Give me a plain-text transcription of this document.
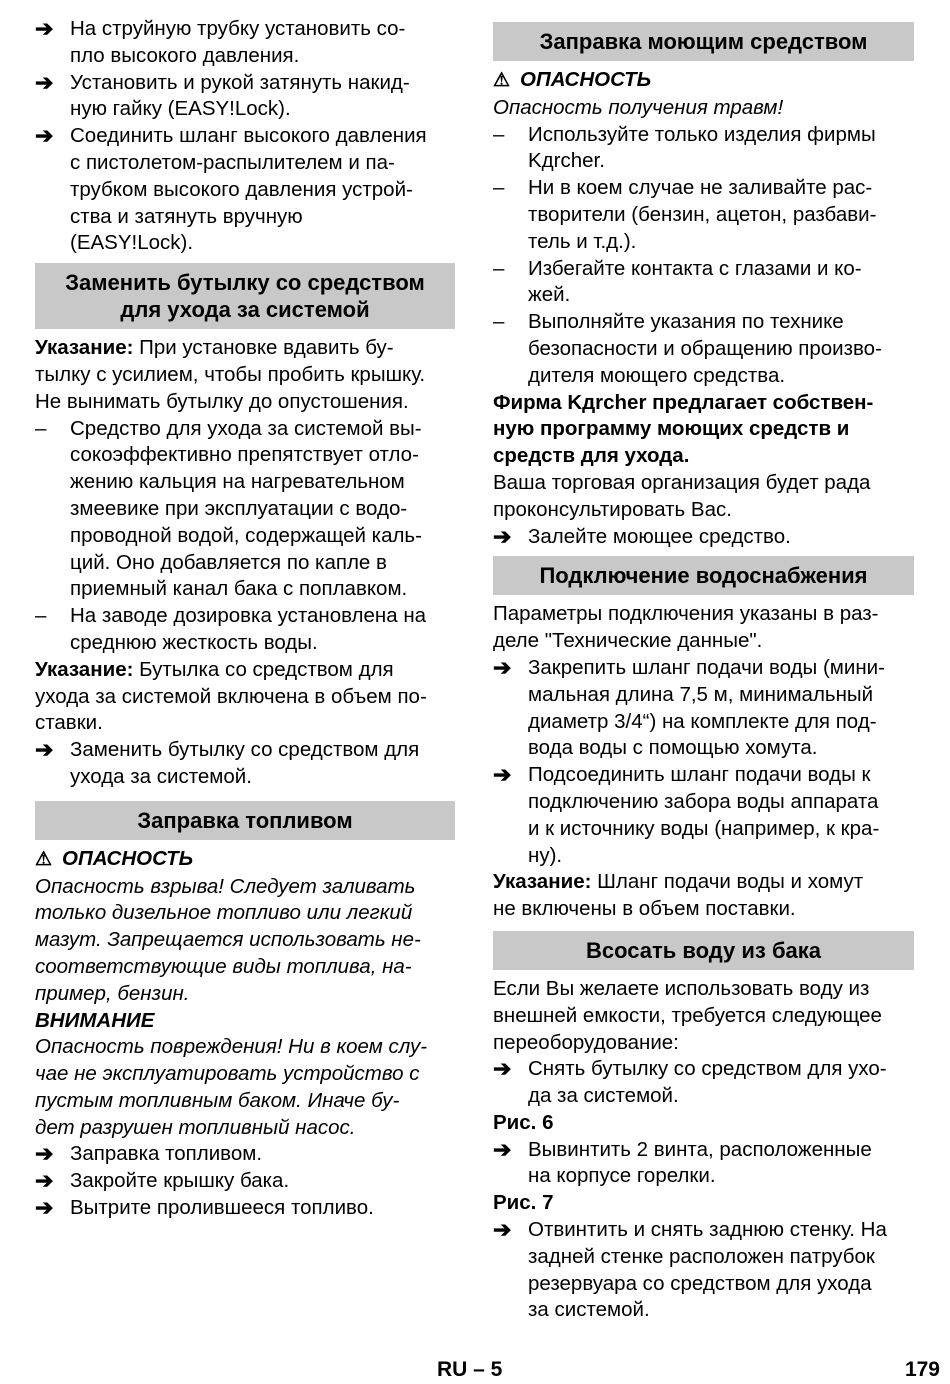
➔ На струйную трубку установить со-
пло высокого давления.

➔ Установить и рукой затянуть накид-
ную гайку (EASY!Lock).

➔ Соединить шланг высокого давления
с пистолетом-распылителем и па-
трубком высокого давления устрой-
ства и затянуть вручную
(EASY!Lock).

Заменить бутылку со средством
для ухода за системой

Указание: При установке вдавить бу-
тылку с усилием, чтобы пробить крышку.
Не вынимать бутылку до опустошения.

–	Средство для ухода за системой вы-
сокоэффективно препятствует отло-
жению кальция на нагревательном
змеевике при эксплуатации с водо-
проводной водой, содержащей каль-
ций. Оно добавляется по капле в
приемный канал бака с поплавком.

–	На заводе дозировка установлена на
среднюю жесткость воды.

Указание: Бутылка со средством для
ухода за системой включена в объем по-
ставки.

➔ Заменить бутылку со средством для
ухода за системой.

Заправка топливом

⚠ ОПАСНОСТЬ

Опасность взрыва! Следует заливать
только дизельное топливо или легкий
мазут. Запрещается использовать не-
соответствующие виды топлива, на-
пример, бензин.

ВНИМАНИЕ

Опасность повреждения! Ни в коем слу-
чае не эксплуатировать устройство с
пустым топливным баком. Иначе бу-
дет разрушен топливный насос.

➔ Заправка топливом.

➔ Закройте крышку бака.

➔ Вытрите пролившееся топливо.

Заправка моющим средством

⚠ ОПАСНОСТЬ

Опасность получения травм!

–	Используйте только изделия фирмы
Kдrcher.

–	Ни в коем случае не заливайте рас-
творители (бензин, ацетон, разбави-
тель и т.д.).

–	Избегайте контакта с глазами и ко-
жей.

–	Выполняйте указания по технике
безопасности и обращению произво-
дителя моющего средства.

Фирма Kдrcher предлагает собствен-
ную программу моющих средств и
средств для ухода.

Ваша торговая организация будет рада
проконсультировать Вас.

➔ Залейте моющее средство.

Подключение водоснабжения

Параметры подключения указаны в раз-
деле "Технические данные".

➔ Закрепить шланг подачи воды (мини-
мальная длина 7,5 м, минимальный
диаметр 3/4“) на комплекте для под-
вода воды с помощью хомута.

➔ Подсоединить шланг подачи воды к
подключению забора воды аппарата
и к источнику воды (например, к кра-
ну).

Указание: Шланг подачи воды и хомут
не включены в объем поставки.

Всосать воду из бака

Если Вы желаете использовать воду из
внешней емкости, требуется следующее
переоборудование:

➔ Снять бутылку со средством для ухо-
да за системой.

Рис. 6

➔ Вывинтить 2 винта, расположенные
на корпусе горелки.

Рис. 7

➔ Отвинтить и снять заднюю стенку. На
задней стенке расположен патрубок
резервуара со средством для ухода
за системой.

RU – 5	179
